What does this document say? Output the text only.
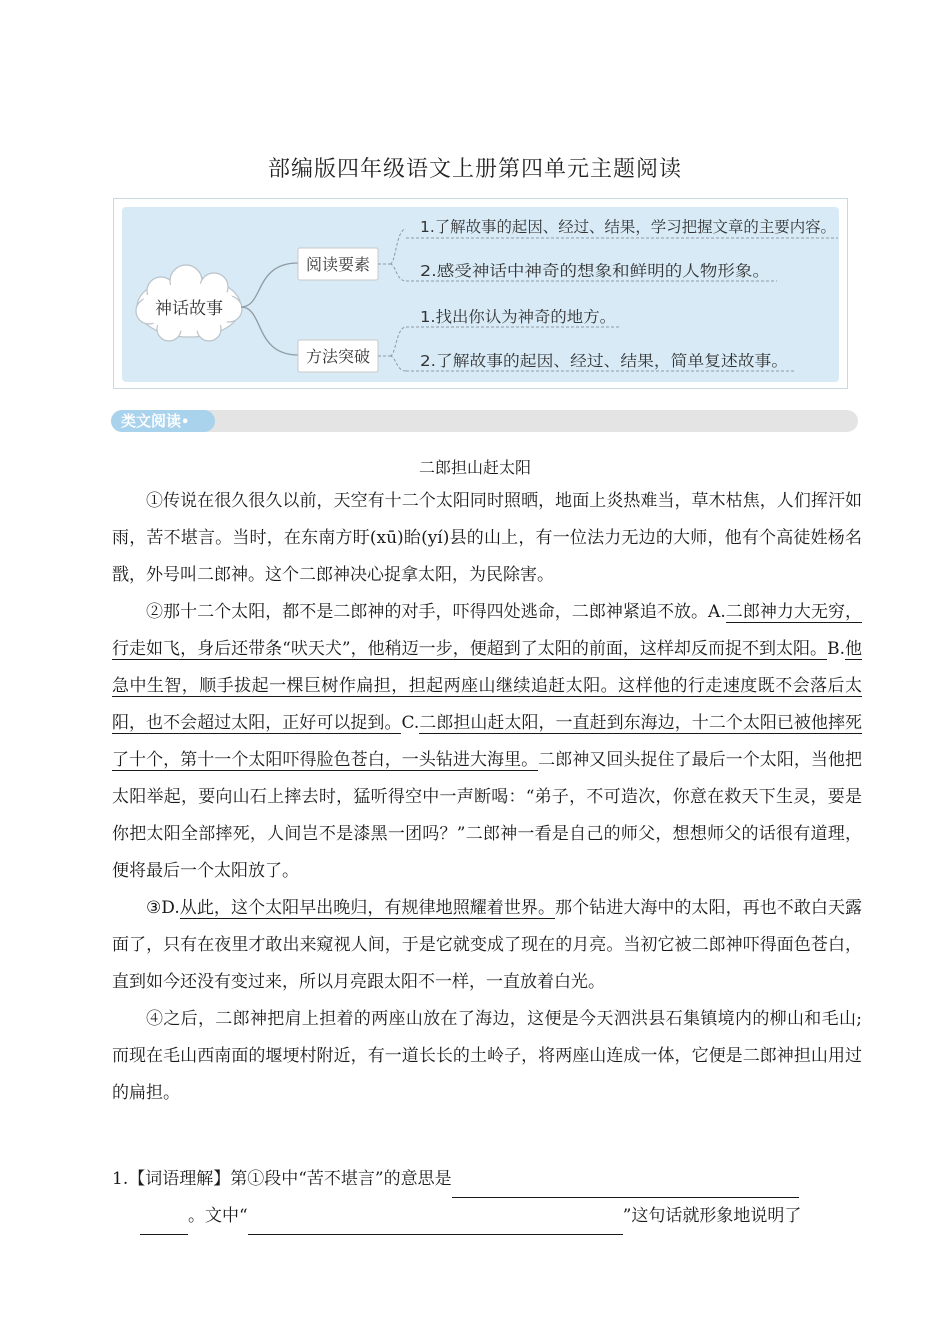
部编版四年级语文上册第四单元主题阅读
神话故事
阅读要素
方法突破
1.了解故事的起因、经过、结果，学习把握文章的主要内容。
2.感受神话中神奇的想象和鲜明的人物形象。
1.找出你认为神奇的地方。
2.了解故事的起因、经过、结果，简单复述故事。
类文阅读•
二郎担山赶太阳

①传说在很久很久以前，天空有十二个太阳同时照晒，地面上炎热难当，草木枯焦，人们挥汗如雨，苦不堪言。当时，在东南方盱(xū)眙(yí)县的山上，有一位法力无边的大师，他有个高徒姓杨名戬，外号叫二郎神。这个二郎神决心捉拿太阳，为民除害。

②那十二个太阳，都不是二郎神的对手，吓得四处逃命，二郎神紧追不放。A.二郎神力大无穷，行走如飞，身后还带条“吠天犬”，他稍迈一步，便超到了太阳的前面，这样却反而捉不到太阳。B.他急中生智，顺手拔起一棵巨树作扁担，担起两座山继续追赶太阳。这样他的行走速度既不会落后太阳，也不会超过太阳，正好可以捉到。C.二郎担山赶太阳，一直赶到东海边，十二个太阳已被他摔死了十个，第十一个太阳吓得脸色苍白，一头钻进大海里。二郎神又回头捉住了最后一个太阳，当他把太阳举起，要向山石上摔去时，猛听得空中一声断喝：“弟子，不可造次，你意在救天下生灵，要是你把太阳全部摔死，人间岂不是漆黑一团吗？”二郎神一看是自己的师父，想想师父的话很有道理，便将最后一个太阳放了。

③D.从此，这个太阳早出晚归，有规律地照耀着世界。那个钻进大海中的太阳，再也不敢白天露面了，只有在夜里才敢出来窥视人间，于是它就变成了现在的月亮。当初它被二郎神吓得面色苍白，直到如今还没有变过来，所以月亮跟太阳不一样，一直放着白光。

④之后，二郎神把肩上担着的两座山放在了海边，这便是今天泗洪县石集镇境内的柳山和毛山;而现在毛山西南面的堰埂村附近，有一道长长的土岭子，将两座山连成一体，它便是二郎神担山用过的扁担。

1.【词语理解】第①段中“苦不堪言”的意思是
。文中“	”这句话就形象地说明了
